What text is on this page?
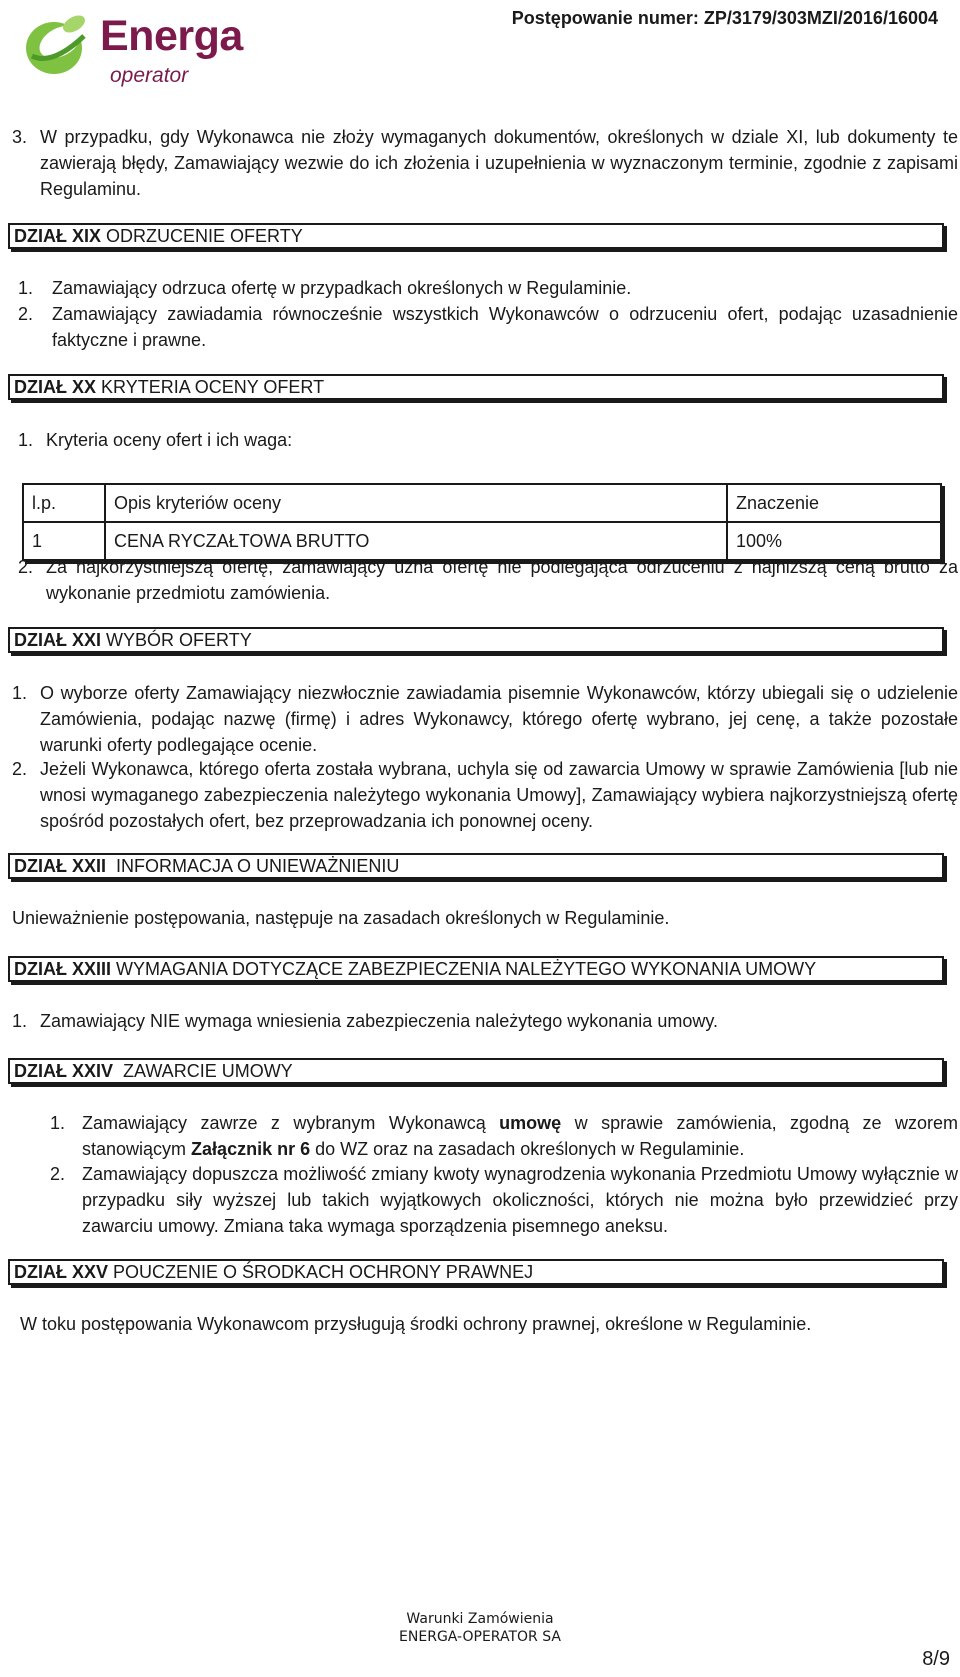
Energa
operator
Postępowanie numer: ZP/3179/303MZI/2016/16004
3. W przypadku, gdy Wykonawca nie złoży wymaganych dokumentów, określonych w dziale XI, lub dokumenty te zawierają błędy, Zamawiający wezwie do ich złożenia i uzupełnienia w wyznaczonym terminie, zgodnie z zapisami Regulaminu.
DZIAŁ XIX ODRZUCENIE OFERTY
1. Zamawiający odrzuca ofertę w przypadkach określonych w Regulaminie.
2. Zamawiający zawiadamia równocześnie wszystkich Wykonawców o odrzuceniu ofert, podając uzasadnienie faktyczne i prawne.
DZIAŁ XX KRYTERIA OCENY OFERT
1. Kryteria oceny ofert i ich waga:
l.p.	Opis kryteriów oceny	Znaczenie
1	CENA RYCZAŁTOWA BRUTTO	100%
2. Za najkorzystniejszą ofertę, zamawiający uzna ofertę nie podlegająca odrzuceniu z najniższą ceną brutto za wykonanie przedmiotu zamówienia.
DZIAŁ XXI WYBÓR OFERTY
1. O wyborze oferty Zamawiający niezwłocznie zawiadamia pisemnie Wykonawców, którzy ubiegali się o udzielenie Zamówienia, podając nazwę (firmę) i adres Wykonawcy, którego ofertę wybrano, jej cenę, a także pozostałe warunki oferty podlegające ocenie.
2. Jeżeli Wykonawca, którego oferta została wybrana, uchyla się od zawarcia Umowy w sprawie Zamówienia [lub nie wnosi wymaganego zabezpieczenia należytego wykonania Umowy], Zamawiający wybiera najkorzystniejszą ofertę spośród pozostałych ofert, bez przeprowadzania ich ponownej oceny.
DZIAŁ XXII INFORMACJA O UNIEWAŻNIENIU
Unieważnienie postępowania, następuje na zasadach określonych w Regulaminie.
DZIAŁ XXIII WYMAGANIA DOTYCZĄCE ZABEZPIECZENIA NALEŻYTEGO WYKONANIA UMOWY
1. Zamawiający NIE wymaga wniesienia zabezpieczenia należytego wykonania umowy.
DZIAŁ XXIV ZAWARCIE UMOWY
1. Zamawiający zawrze z wybranym Wykonawcą umowę w sprawie zamówienia, zgodną ze wzorem stanowiącym Załącznik nr 6 do WZ oraz na zasadach określonych w Regulaminie.
2. Zamawiający dopuszcza możliwość zmiany kwoty wynagrodzenia wykonania Przedmiotu Umowy wyłącznie w przypadku siły wyższej lub takich wyjątkowych okoliczności, których nie można było przewidzieć przy zawarciu umowy. Zmiana taka wymaga sporządzenia pisemnego aneksu.
DZIAŁ XXV POUCZENIE O ŚRODKACH OCHRONY PRAWNEJ
W toku postępowania Wykonawcom przysługują środki ochrony prawnej, określone w Regulaminie.
Warunki Zamówienia
ENERGA-OPERATOR SA
8/9
